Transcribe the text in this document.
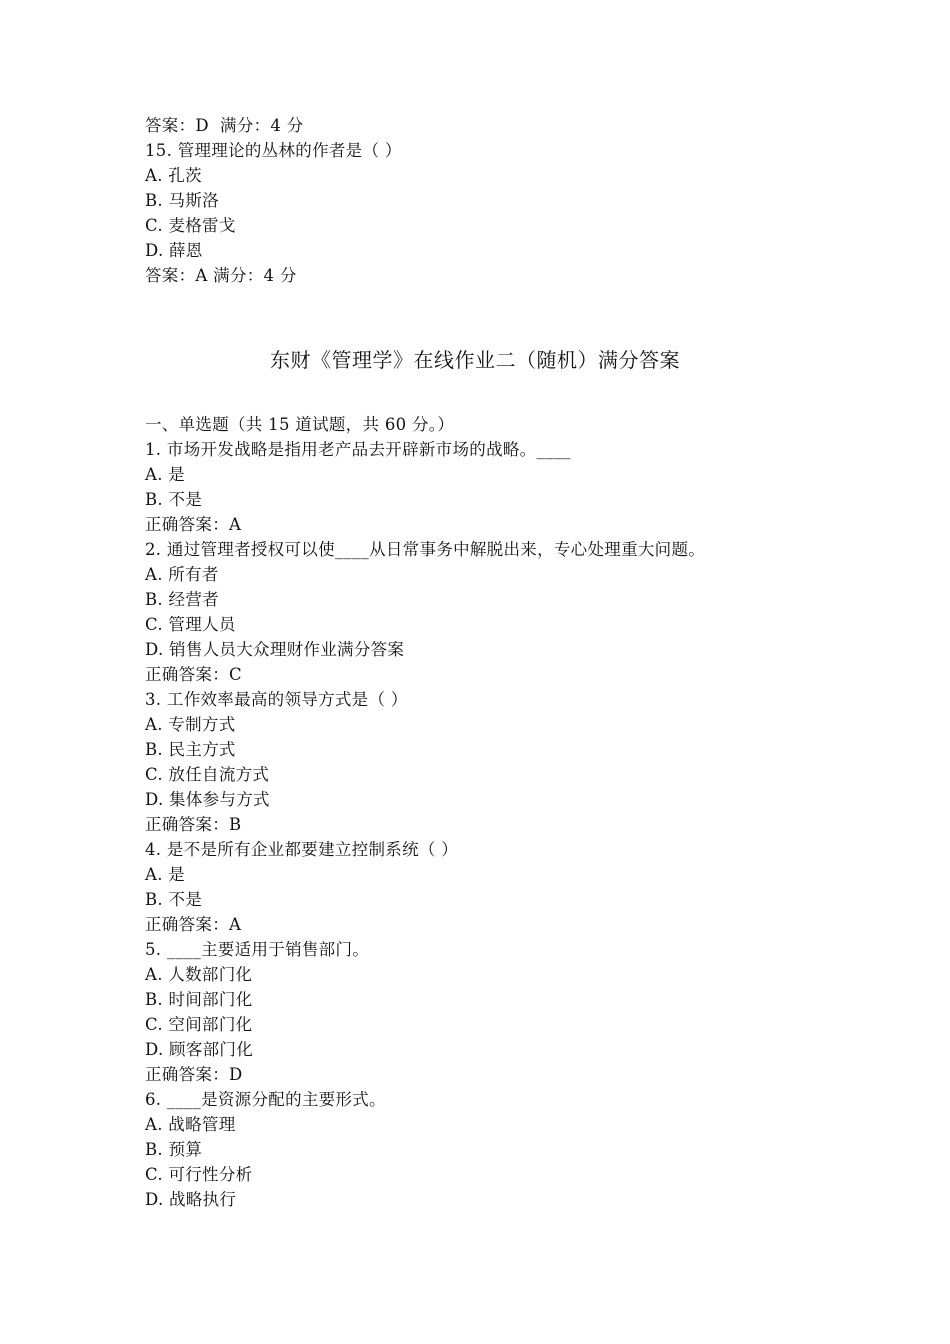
答案：D  满分：4 分
15. 管理理论的丛林的作者是（ ）
A. 孔茨
B. 马斯洛
C. 麦格雷戈
D. 薛恩
答案：A 满分：4 分
东财《管理学》在线作业二（随机）满分答案
一、单选题（共 15 道试题，共 60 分。）
1. 市场开发战略是指用老产品去开辟新市场的战略。____
A. 是
B. 不是
正确答案：A
2. 通过管理者授权可以使____从日常事务中解脱出来，专心处理重大问题。
A. 所有者
B. 经营者
C. 管理人员
D. 销售人员大众理财作业满分答案
正确答案：C
3. 工作效率最高的领导方式是（ ）
A. 专制方式
B. 民主方式
C. 放任自流方式
D. 集体参与方式
正确答案：B
4. 是不是所有企业都要建立控制系统（ ）
A. 是
B. 不是
正确答案：A
5. ____主要适用于销售部门。
A. 人数部门化
B. 时间部门化
C. 空间部门化
D. 顾客部门化
正确答案：D
6. ____是资源分配的主要形式。
A. 战略管理
B. 预算
C. 可行性分析
D. 战略执行
